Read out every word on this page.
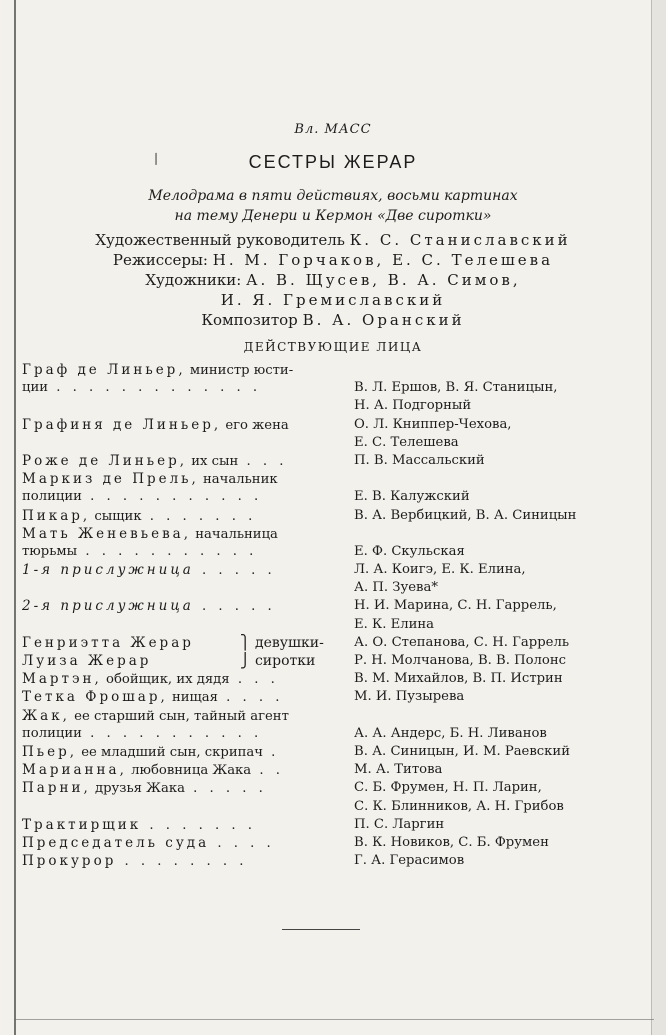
❘
Вл. МАСС
СЕСТРЫ ЖЕРАР
Мелодрама в пяти действиях, восьми картинах
на тему Денери и Кермон «Две сиротки»
Художественный руководитель К. С. Станиславский
Режиссеры: Н. М. Горчаков, Е. С. Телешева
Художники: А. В. Щусев, В. А. Симов,
И. Я. Гремиславский
Композитор В. А. Оранский
ДЕЙСТВУЮЩИЕ ЛИЦА
Граф де Линьер, министр юсти-
ции . . . . . . . . . . . . .	В. Л. Ершов, В. Я. Станицын,
Н. А. Подгорный
Графиня де Линьер, его жена	О. Л. Книппер-Чехова,
Е. С. Телешева
Роже де Линьер, их сын . . .	П. В. Массальский
Маркиз де Прель, начальник
полиции . . . . . . . . . . .	Е. В. Калужский
Пикар, сыщик . . . . . . .	В. А. Вербицкий, В. А. Синицын
Мать Женевьева, начальница
тюрьмы . . . . . . . . . . .	Е. Ф. Скульская
1-я прислужница . . . . .	Л. А. Коигэ, Е. К. Елина,
А. П. Зуева*
2-я прислужница . . . . .	Н. И. Марина, С. Н. Гаррель,
Е. К. Елина
Генриэтта Жерар	⎫ девушки- А. О. Степанова, С. Н. Гаррель
Луиза Жерар	⎭ сиротки	Р. Н. Молчанова, В. В. Полонс
Мартэн, обойщик, их дядя . . .	В. М. Михайлов, В. П. Истрин
Тетка Фрошар, нищая . . . .	М. И. Пузырева
Жак, ее старший сын, тайный агент
полиции . . . . . . . . . . .	А. А. Андерс, Б. Н. Ливанов
Пьер, ее младший сын, скрипач .	В. А. Синицын, И. М. Раевский
Марианна, любовница Жака . .	М. А. Титова
Парни, друзья Жака . . . . .	С. Б. Фрумен, Н. П. Ларин,
С. К. Блинников, А. Н. Грибов
Трактирщик . . . . . . .	П. С. Ларгин
Председатель суда . . . .	В. К. Новиков, С. Б. Фрумен
Прокурор . . . . . . . .	Г. А. Герасимов
